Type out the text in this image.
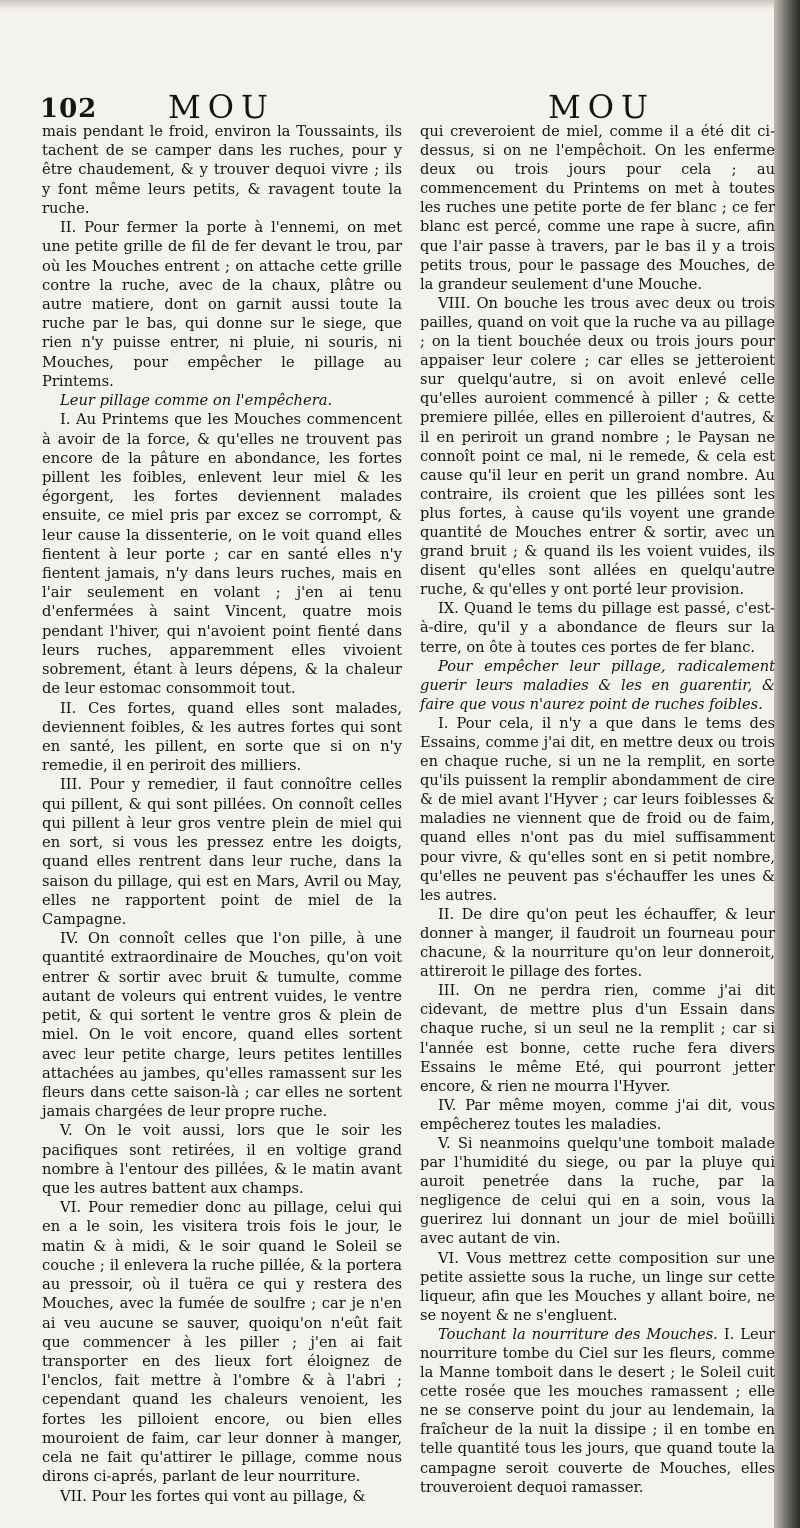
102 MOU	MOU

mais pendant le froid, environ la Toussaints, ils tachent de se camper dans les ruches, pour y être chaudement, & y trouver dequoi vivre ; ils y font même leurs petits, & ravagent toute la ruche.

II. Pour fermer la porte à l'ennemi, on met une petite grille de fil de fer devant le trou, par où les Mouches entrent ; on attache cette grille contre la ruche, avec de la chaux, plâtre ou autre matiere, dont on garnit aussi toute la ruche par le bas, qui donne sur le siege, que rien n'y puisse entrer, ni pluie, ni souris, ni Mouches, pour empêcher le pillage au Printems.

Leur pillage comme on l'empêchera.

I. Au Printems que les Mouches commencent à avoir de la force, & qu'elles ne trouvent pas encore de la pâture en abondance, les fortes pillent les foibles, enlevent leur miel & les égorgent, les fortes deviennent malades ensuite, ce miel pris par excez se corrompt, & leur cause la dissenterie, on le voit quand elles fientent à leur porte ; car en santé elles n'y fientent jamais, n'y dans leurs ruches, mais en l'air seulement en volant ; j'en ai tenu d'enfermées à saint Vincent, quatre mois pendant l'hiver, qui n'avoient point fienté dans leurs ruches, apparemment elles vivoient sobrement, étant à leurs dépens, & la chaleur de leur estomac consommoit tout.

II. Ces fortes, quand elles sont malades, deviennent foibles, & les autres fortes qui sont en santé, les pillent, en sorte que si on n'y remedie, il en periroit des milliers.

III. Pour y remedier, il faut connoître celles qui pillent, & qui sont pillées. On connoît celles qui pillent à leur gros ventre plein de miel qui en sort, si vous les pressez entre les doigts, quand elles rentrent dans leur ruche, dans la saison du pillage, qui est en Mars, Avril ou May, elles ne rapportent point de miel de la Campagne.

IV. On connoît celles que l'on pille, à une quantité extraordinaire de Mouches, qu'on voit entrer & sortir avec bruit & tumulte, comme autant de voleurs qui entrent vuides, le ventre petit, & qui sortent le ventre gros & plein de miel. On le voit encore, quand elles sortent avec leur petite charge, leurs petites lentilles attachées au jambes, qu'elles ramassent sur les fleurs dans cette saison-là ; car elles ne sortent jamais chargées de leur propre ruche.

V. On le voit aussi, lors que le soir les pacifiques sont retirées, il en voltige grand nombre à l'entour des pillées, & le matin avant que les autres battent aux champs.

VI. Pour remedier donc au pillage, celui qui en a le soin, les visitera trois fois le jour, le matin & à midi, & le soir quand le Soleil se couche ; il enlevera la ruche pillée, & la portera au pressoir, où il tuëra ce qui y restera des Mouches, avec la fumée de soulfre ; car je n'en ai veu aucune se sauver, quoiqu'on n'eût fait que commencer à les piller ; j'en ai fait transporter en des lieux fort éloignez de l'enclos, fait mettre à l'ombre & à l'abri ; cependant quand les chaleurs venoient, les fortes les pilloient encore, ou bien elles mouroient de faim, car leur donner à manger, cela ne fait qu'attirer le pillage, comme nous dirons ci-aprés, parlant de leur nourriture.

VII. Pour les fortes qui vont au pillage, &

qui creveroient de miel, comme il a été dit ci-dessus, si on ne l'empêchoit. On les enferme deux ou trois jours pour cela ; au commencement du Printems on met à toutes les ruches une petite porte de fer blanc ; ce fer blanc est percé, comme une rape à sucre, afin que l'air passe à travers, par le bas il y a trois petits trous, pour le passage des Mouches, de la grandeur seulement d'une Mouche.

VIII. On bouche les trous avec deux ou trois pailles, quand on voit que la ruche va au pillage ; on la tient bouchée deux ou trois jours pour appaiser leur colere ; car elles se jetteroient sur quelqu'autre, si on avoit enlevé celle qu'elles auroient commencé à piller ; & cette premiere pillée, elles en pilleroient d'autres, & il en periroit un grand nombre ; le Paysan ne connoît point ce mal, ni le remede, & cela est cause qu'il leur en perit un grand nombre. Au contraire, ils croient que les pillées sont les plus fortes, à cause qu'ils voyent une grande quantité de Mouches entrer & sortir, avec un grand bruit ; & quand ils les voient vuides, ils disent qu'elles sont allées en quelqu'autre ruche, & qu'elles y ont porté leur provision.

IX. Quand le tems du pillage est passé, c'est-à-dire, qu'il y a abondance de fleurs sur la terre, on ôte à toutes ces portes de fer blanc.

Pour empêcher leur pillage, radicalement guerir leurs maladies & les en guarentir, & faire que vous n'aurez point de ruches foibles.

I. Pour cela, il n'y a que dans le tems des Essains, comme j'ai dit, en mettre deux ou trois en chaque ruche, si un ne la remplit, en sorte qu'ils puissent la remplir abondamment de cire & de miel avant l'Hyver ; car leurs foiblesses & maladies ne viennent que de froid ou de faim, quand elles n'ont pas du miel suffisamment pour vivre, & qu'elles sont en si petit nombre, qu'elles ne peuvent pas s'échauffer les unes & les autres.

II. De dire qu'on peut les échauffer, & leur donner à manger, il faudroit un fourneau pour chacune, & la nourriture qu'on leur donneroit, attireroit le pillage des fortes.

III. On ne perdra rien, comme j'ai dit cidevant, de mettre plus d'un Essain dans chaque ruche, si un seul ne la remplit ; car si l'année est bonne, cette ruche fera divers Essains le même Eté, qui pourront jetter encore, & rien ne mourra l'Hyver.

IV. Par même moyen, comme j'ai dit, vous empêcherez toutes les maladies.

V. Si neanmoins quelqu'une tomboit malade par l'humidité du siege, ou par la pluye qui auroit penetrée dans la ruche, par la negligence de celui qui en a soin, vous la guerirez lui donnant un jour de miel boüilli avec autant de vin.

VI. Vous mettrez cette composition sur une petite assiette sous la ruche, un linge sur cette liqueur, afin que les Mouches y allant boire, ne se noyent & ne s'engluent.

Touchant la nourriture des Mouches. I. Leur nourriture tombe du Ciel sur les fleurs, comme la Manne tomboit dans le desert ; le Soleil cuit cette rosée que les mouches ramassent ; elle ne se conserve point du jour au lendemain, la fraîcheur de la nuit la dissipe ; il en tombe en telle quantité tous les jours, que quand toute la campagne seroit couverte de Mouches, elles trouveroient dequoi ramasser.
